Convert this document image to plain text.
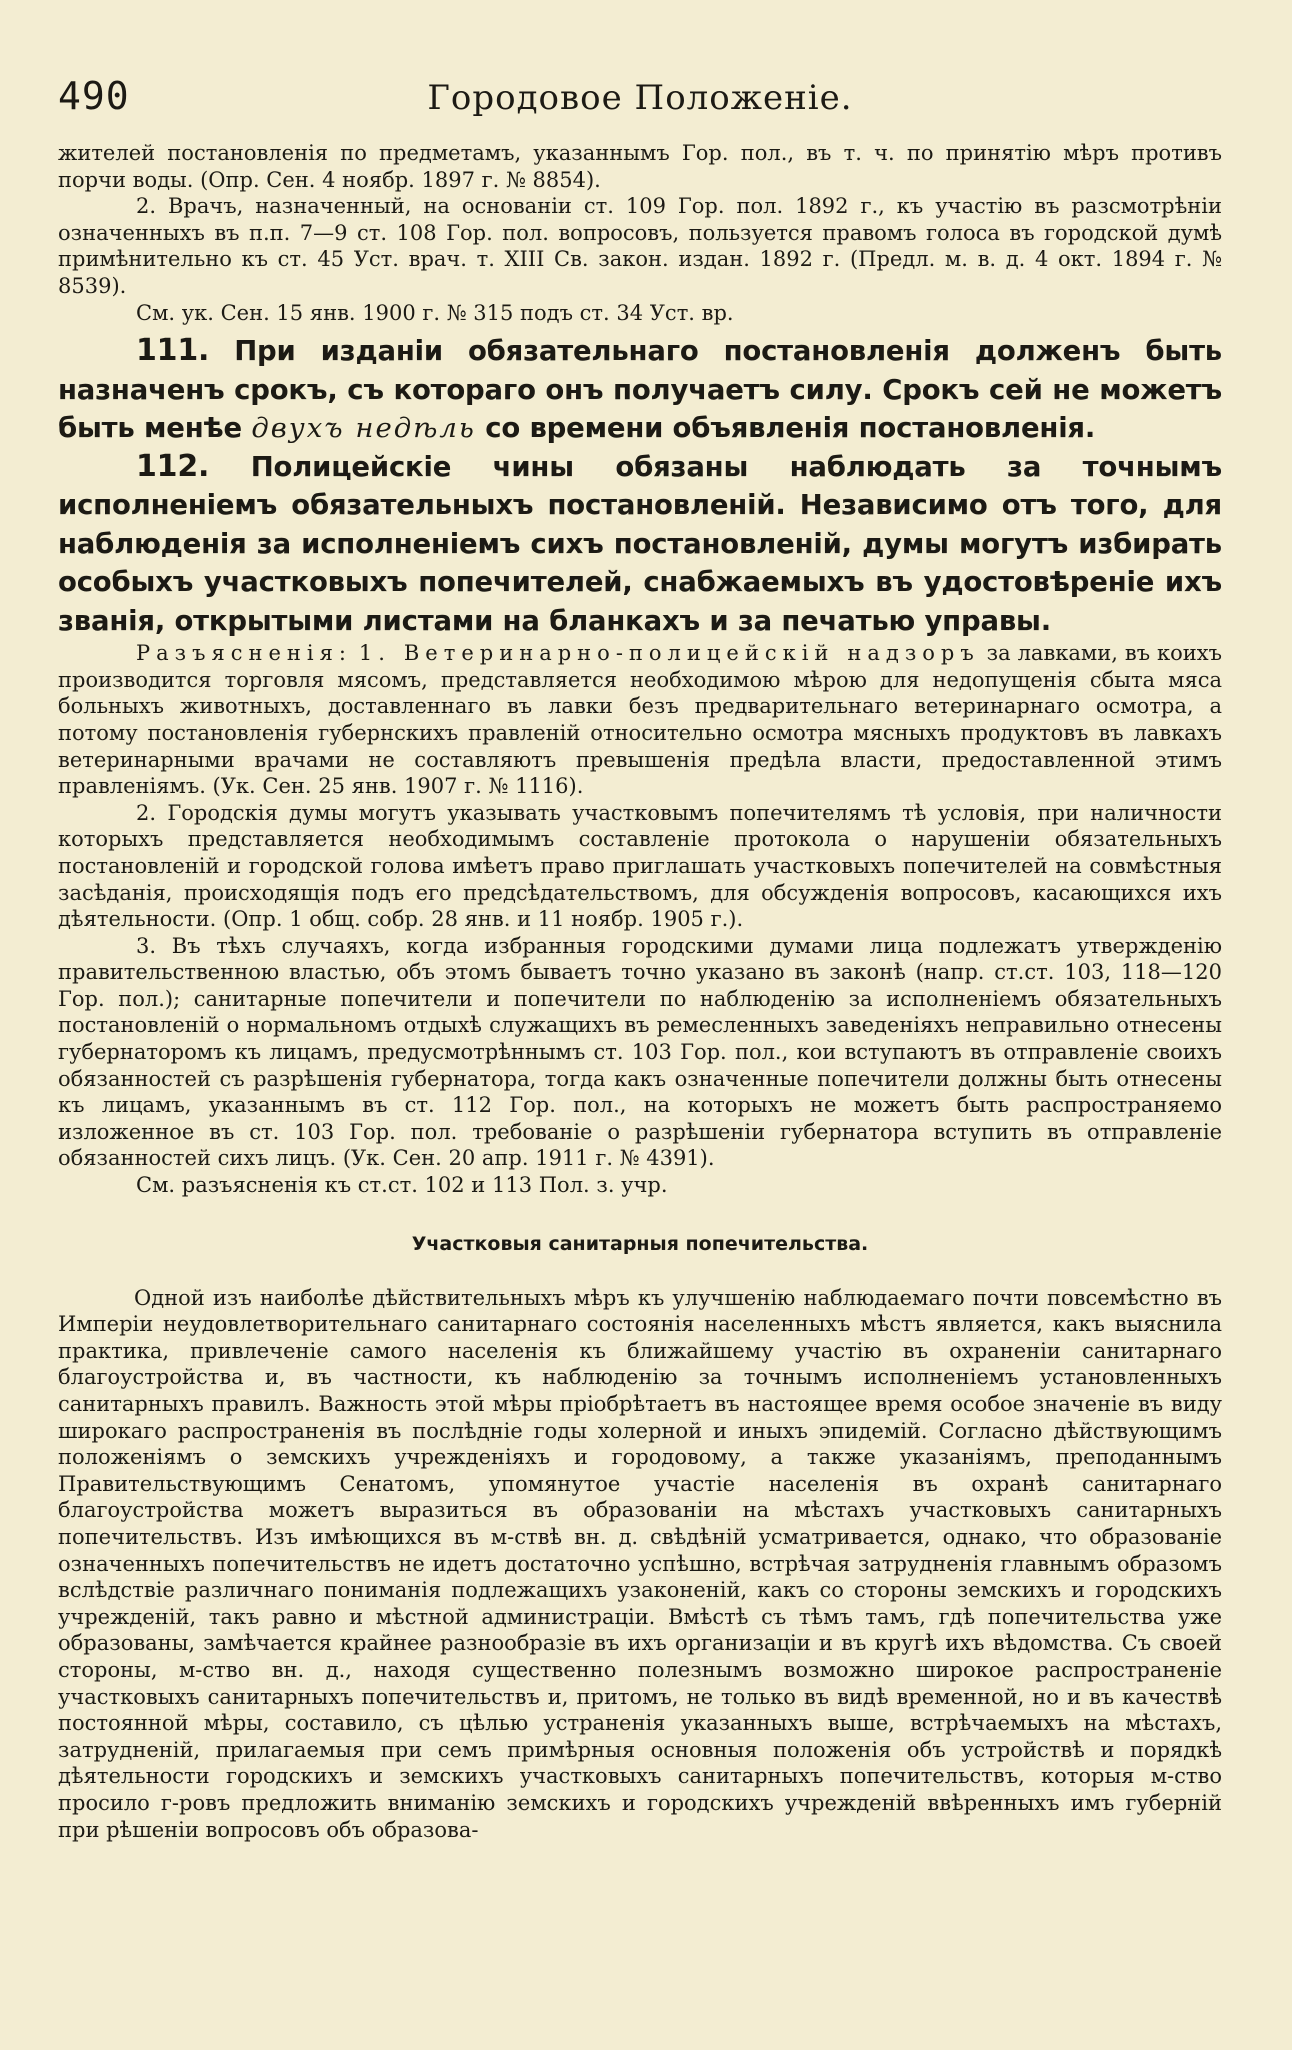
490	Городовое Положеніе.

жителей постановленія по предметамъ, указаннымъ Гор. пол., въ т. ч. по принятію мѣръ противъ порчи воды. (Опр. Сен. 4 ноябр. 1897 г. № 8854).

2. Врачъ, назначенный, на основаніи ст. 109 Гор. пол. 1892 г., къ участію въ разсмотрѣніи означенныхъ въ п.п. 7—9 ст. 108 Гор. пол. вопросовъ, пользуется правомъ голоса въ городской думѣ примѣнительно къ ст. 45 Уст. врач. т. XIII Св. закон. издан. 1892 г. (Предл. м. в. д. 4 окт. 1894 г. № 8539).

См. ук. Сен. 15 янв. 1900 г. № 315 подъ ст. 34 Уст. вр.

111. При изданіи обязательнаго постановленія долженъ быть назначенъ срокъ, съ котораго онъ получаетъ силу. Срокъ сей не можетъ быть менѣе двухъ недѣль со времени объявленія постановленія.

112. Полицейскіе чины обязаны наблюдать за точнымъ исполненіемъ обязательныхъ постановленій. Независимо отъ того, для наблюденія за исполненіемъ сихъ постановленій, думы могутъ избирать особыхъ участковыхъ попечителей, снабжаемыхъ въ удостовѣреніе ихъ званія, открытыми листами на бланкахъ и за печатью управы.

Разъясненія: 1. Ветеринарно-полицейскій надзоръ за лавками, въ коихъ производится торговля мясомъ, представляется необходимою мѣрою для недопущенія сбыта мяса больныхъ животныхъ, доставленнаго въ лавки безъ предварительнаго ветеринарнаго осмотра, а потому постановленія губернскихъ правленій относительно осмотра мясныхъ продуктовъ въ лавкахъ ветеринарными врачами не составляютъ превышенія предѣла власти, предоставленной этимъ правленіямъ. (Ук. Сен. 25 янв. 1907 г. № 1116).

2. Городскія думы могутъ указывать участковымъ попечителямъ тѣ условія, при наличности которыхъ представляется необходимымъ составленіе протокола о нарушеніи обязательныхъ постановленій и городской голова имѣетъ право приглашать участковыхъ попечителей на совмѣстныя засѣданія, происходящія подъ его предсѣдательствомъ, для обсужденія вопросовъ, касающихся ихъ дѣятельности. (Опр. 1 общ. собр. 28 янв. и 11 ноябр. 1905 г.).

3. Въ тѣхъ случаяхъ, когда избранныя городскими думами лица подлежатъ утвержденію правительственною властью, объ этомъ бываетъ точно указано въ законѣ (напр. ст.ст. 103, 118—120 Гор. пол.); санитарные попечители и попечители по наблюденію за исполненіемъ обязательныхъ постановленій о нормальномъ отдыхѣ служащихъ въ ремесленныхъ заведеніяхъ неправильно отнесены губернаторомъ къ лицамъ, предусмотрѣннымъ ст. 103 Гор. пол., кои вступаютъ въ отправленіе своихъ обязанностей съ разрѣшенія губернатора, тогда какъ означенные попечители должны быть отнесены къ лицамъ, указаннымъ въ ст. 112 Гор. пол., на которыхъ не можетъ быть распространяемо изложенное въ ст. 103 Гор. пол. требованіе о разрѣшеніи губернатора вступить въ отправленіе обязанностей сихъ лицъ. (Ук. Сен. 20 апр. 1911 г. № 4391).

См. разъясненія къ ст.ст. 102 и 113 Пол. з. учр.

Участковыя санитарныя попечительства.

Одной изъ наиболѣе дѣйствительныхъ мѣръ къ улучшенію наблюдаемаго почти повсемѣстно въ Имперіи неудовлетворительнаго санитарнаго состоянія населенныхъ мѣстъ является, какъ выяснила практика, привлеченіе самого населенія къ ближайшему участію въ охраненіи санитарнаго благоустройства и, въ частности, къ наблюденію за точнымъ исполненіемъ установленныхъ санитарныхъ правилъ. Важность этой мѣры пріобрѣтаетъ въ настоящее время особое значеніе въ виду широкаго распространенія въ послѣдніе годы холерной и иныхъ эпидемій. Согласно дѣйствующимъ положеніямъ о земскихъ учрежденіяхъ и городовому, а также указаніямъ, преподаннымъ Правительствующимъ Сенатомъ, упомянутое участіе населенія въ охранѣ санитарнаго благоустройства можетъ выразиться въ образованіи на мѣстахъ участковыхъ санитарныхъ попечительствъ. Изъ имѣющихся въ м-ствѣ вн. д. свѣдѣній усматривается, однако, что образованіе означенныхъ попечительствъ не идетъ достаточно успѣшно, встрѣчая затрудненія главнымъ образомъ вслѣдствіе различнаго пониманія подлежащихъ узаконеній, какъ со стороны земскихъ и городскихъ учрежденій, такъ равно и мѣстной администраціи. Вмѣстѣ съ тѣмъ тамъ, гдѣ попечительства уже образованы, замѣчается крайнее разнообразіе въ ихъ организаціи и въ кругѣ ихъ вѣдомства. Съ своей стороны, м-ство вн. д., находя существенно полезнымъ возможно широкое распространеніе участковыхъ санитарныхъ попечительствъ и, притомъ, не только въ видѣ временной, но и въ качествѣ постоянной мѣры, составило, съ цѣлью устраненія указанныхъ выше, встрѣчаемыхъ на мѣстахъ, затрудненій, прилагаемыя при семъ примѣрныя основныя положенія объ устройствѣ и порядкѣ дѣятельности городскихъ и земскихъ участковыхъ санитарныхъ попечительствъ, которыя м-ство просило г-ровъ предложить вниманію земскихъ и городскихъ учрежденій ввѣренныхъ имъ губерній при рѣшеніи вопросовъ объ образова-
